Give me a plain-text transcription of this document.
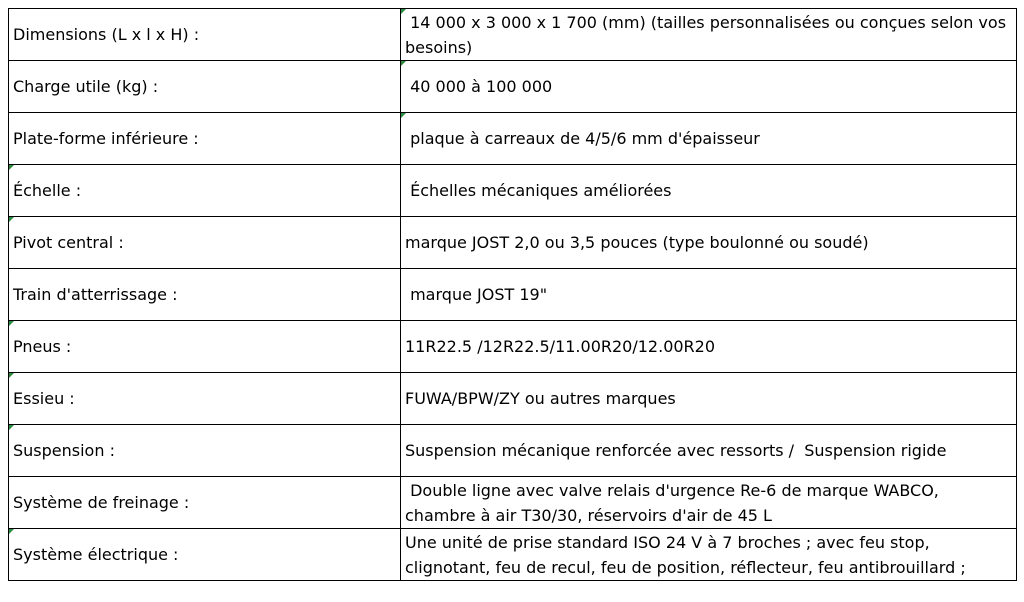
Dimensions (L x l x H) :	14 000 x 3 000 x 1 700 (mm) (tailles personnalisées ou conçues selon vos besoins)
Charge utile (kg) :	40 000 à 100 000
Plate-forme inférieure :	plaque à carreaux de 4/5/6 mm d'épaisseur

Échelle :	Échelles mécaniques améliorées

Pivot central :	marque JOST 2,0 ou 3,5 pouces (type boulonné ou soudé)
Train d'atterrissage :	marque JOST 19"

Pneus :	11R22.5 /12R22.5/11.00R20/12.00R20

Essieu :	FUWA/BPW/ZY ou autres marques

Suspension :	Suspension mécanique renforcée avec ressorts /  Suspension rigide
Système de freinage :	Double ligne avec valve relais d'urgence Re-6 de marque WABCO, chambre à air T30/30, réservoirs d'air de 45 L

Système électrique :	Une unité de prise standard ISO 24 V à 7 broches ; avec feu stop, clignotant, feu de recul, feu de position, réflecteur, feu antibrouillard ;
